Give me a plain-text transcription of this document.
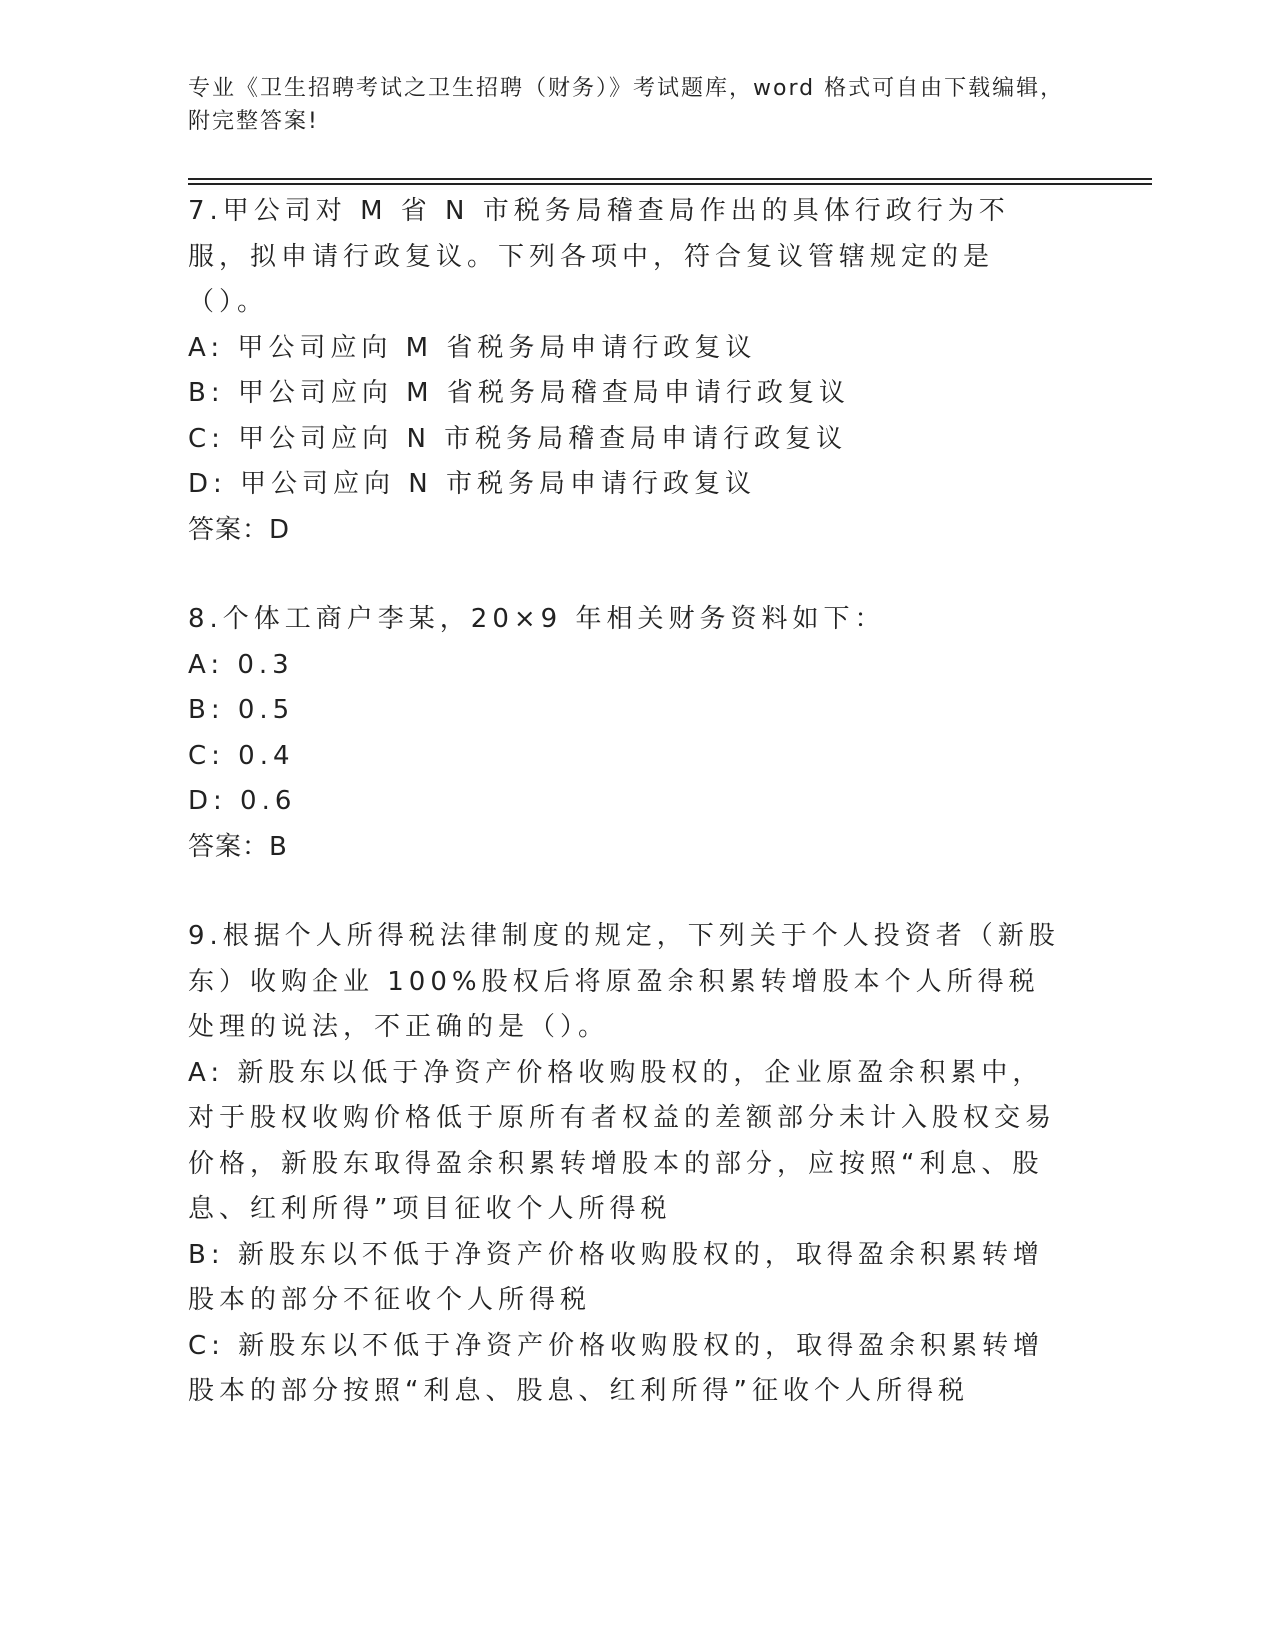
专业《卫生招聘考试之卫生招聘（财务）》考试题库，word 格式可自由下载编辑，附完整答案!

7.甲公司对 M 省 N 市税务局稽查局作出的具体行政行为不服，拟申请行政复议。下列各项中，符合复议管辖规定的是（）。

A: 甲公司应向 M 省税务局申请行政复议

B: 甲公司应向 M 省税务局稽查局申请行政复议

C: 甲公司应向 N 市税务局稽查局申请行政复议

D: 甲公司应向 N 市税务局申请行政复议

答案：D

8.个体工商户李某，20×9 年相关财务资料如下：

A: 0.3

B: 0.5

C: 0.4

D: 0.6

答案：B

9.根据个人所得税法律制度的规定，下列关于个人投资者（新股东）收购企业 100%股权后将原盈余积累转增股本个人所得税处理的说法，不正确的是（）。

A: 新股东以低于净资产价格收购股权的，企业原盈余积累中，对于股权收购价格低于原所有者权益的差额部分未计入股权交易价格，新股东取得盈余积累转增股本的部分，应按照“利息、股息、红利所得”项目征收个人所得税

B: 新股东以不低于净资产价格收购股权的，取得盈余积累转增股本的部分不征收个人所得税

C: 新股东以不低于净资产价格收购股权的，取得盈余积累转增股本的部分按照“利息、股息、红利所得”征收个人所得税
